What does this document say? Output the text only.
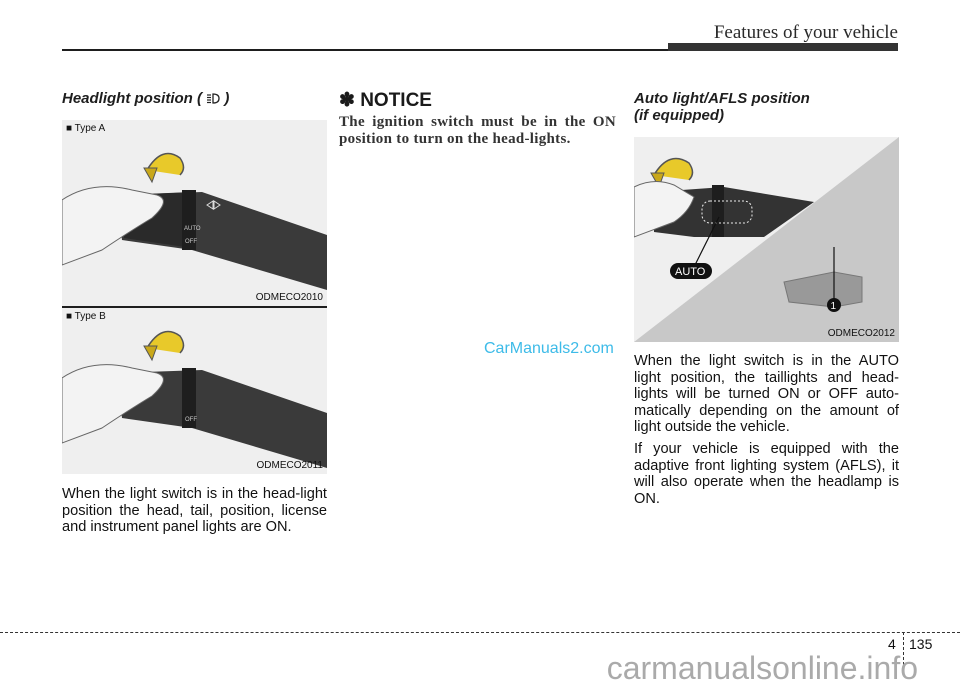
Features of your vehicle

Headlight position ( )

■ Type A
AUTO
OFF
ODMECO2010
■ Type B
OFF
ODMECO2011

When the light switch is in the head-light position the head, tail, position, license and instrument panel lights are ON.

✽ NOTICE

The ignition switch must be in the ON position to turn on the head-lights.

Auto light/AFLS position
(if equipped)

1
AUTO
ODMECO2012

When the light switch is in the AUTO light position, the taillights and head-lights will be turned ON or OFF auto-matically depending on the amount of light outside the vehicle.

If your vehicle is equipped with the adaptive front lighting system (AFLS), it will also operate when the headlamp is ON.

CarManuals2.com
4 135
carmanualsonline.info
